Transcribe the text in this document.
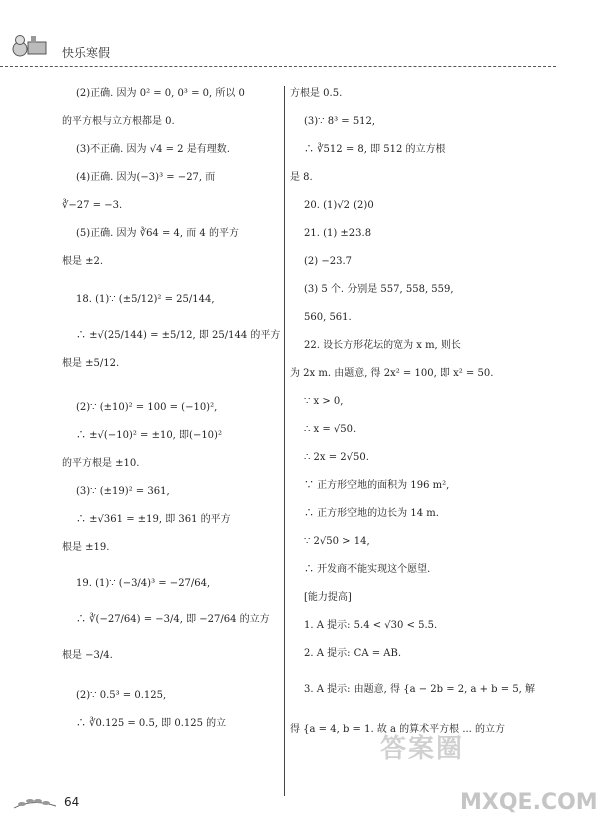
快乐寒假
(2)正确. 因为 0² = 0, 0³ = 0, 所以 0
的平方根与立方根都是 0.
(3)不正确. 因为 √4 = 2 是有理数.
(4)正确. 因为(−3)³ = −27, 而
∛−27 = −3.
(5)正确. 因为 ∛64 = 4, 而 4 的平方
根是 ±2.
18. (1)∵ (±5/12)² = 25/144,
∴ ±√(25/144) = ±5/12, 即 25/144 的平方
根是 ±5/12.
(2)∵ (±10)² = 100 = (−10)²,
∴ ±√(−10)² = ±10, 即(−10)²
的平方根是 ±10.
(3)∵ (±19)² = 361,
∴ ±√361 = ±19, 即 361 的平方
根是 ±19.
19. (1)∵ (−3/4)³ = −27/64,
∴ ∛(−27/64) = −3/4, 即 −27/64 的立方
根是 −3/4.
(2)∵ 0.5³ = 0.125,
∴ ∛0.125 = 0.5, 即 0.125 的立
方根是 0.5.
(3)∵ 8³ = 512,
∴ ∛512 = 8, 即 512 的立方根
是 8.
20. (1)√2 (2)0
21. (1) ±23.8
(2) −23.7
(3) 5 个. 分别是 557, 558, 559,
560, 561.
22. 设长方形花坛的宽为 x m, 则长
为 2x m. 由题意, 得 2x² = 100, 即 x² = 50.
∵ x > 0,
∴ x = √50.
∴ 2x = 2√50.
∵ 正方形空地的面积为 196 m²,
∴ 正方形空地的边长为 14 m.
∵ 2√50 > 14,
∴ 开发商不能实现这个愿望.
[能力提高]
1. A 提示: 5.4 < √30 < 5.5.
2. A 提示: CA = AB.
3. A 提示: 由题意, 得 {a − 2b = 2, a + b = 5, 解
得 {a = 4, b = 1. 故 a 的算术平方根 ... 的立方
64
答案圈
MXQE.COM
